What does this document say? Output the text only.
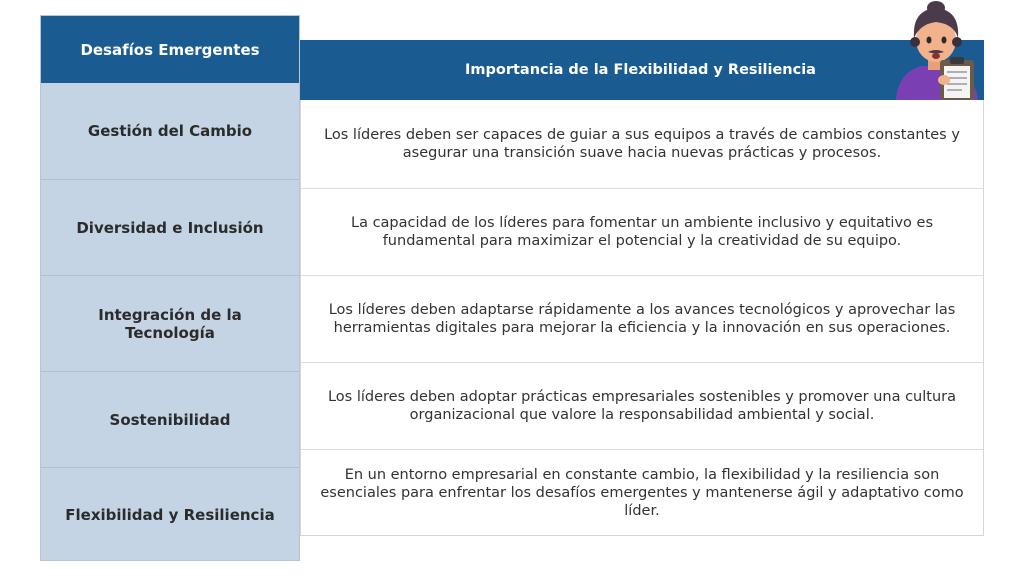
Desafíos Emergentes
Gestión del Cambio
Diversidad e Inclusión
Integración de la Tecnología
Sostenibilidad
Flexibilidad y Resiliencia
Importancia de la Flexibilidad y Resiliencia
Los líderes deben ser capaces de guiar a sus equipos a través de cambios constantes y asegurar una transición suave hacia nuevas prácticas y procesos.
La capacidad de los líderes para fomentar un ambiente inclusivo y equitativo es fundamental para maximizar el potencial y la creatividad de su equipo.
Los líderes deben adaptarse rápidamente a los avances tecnológicos y aprovechar las herramientas digitales para mejorar la eficiencia y la innovación en sus operaciones.
Los líderes deben adoptar prácticas empresariales sostenibles y promover una cultura organizacional que valore la responsabilidad ambiental y social.
En un entorno empresarial en constante cambio, la flexibilidad y la resiliencia son esenciales para enfrentar los desafíos emergentes y mantenerse ágil y adaptativo como líder.
